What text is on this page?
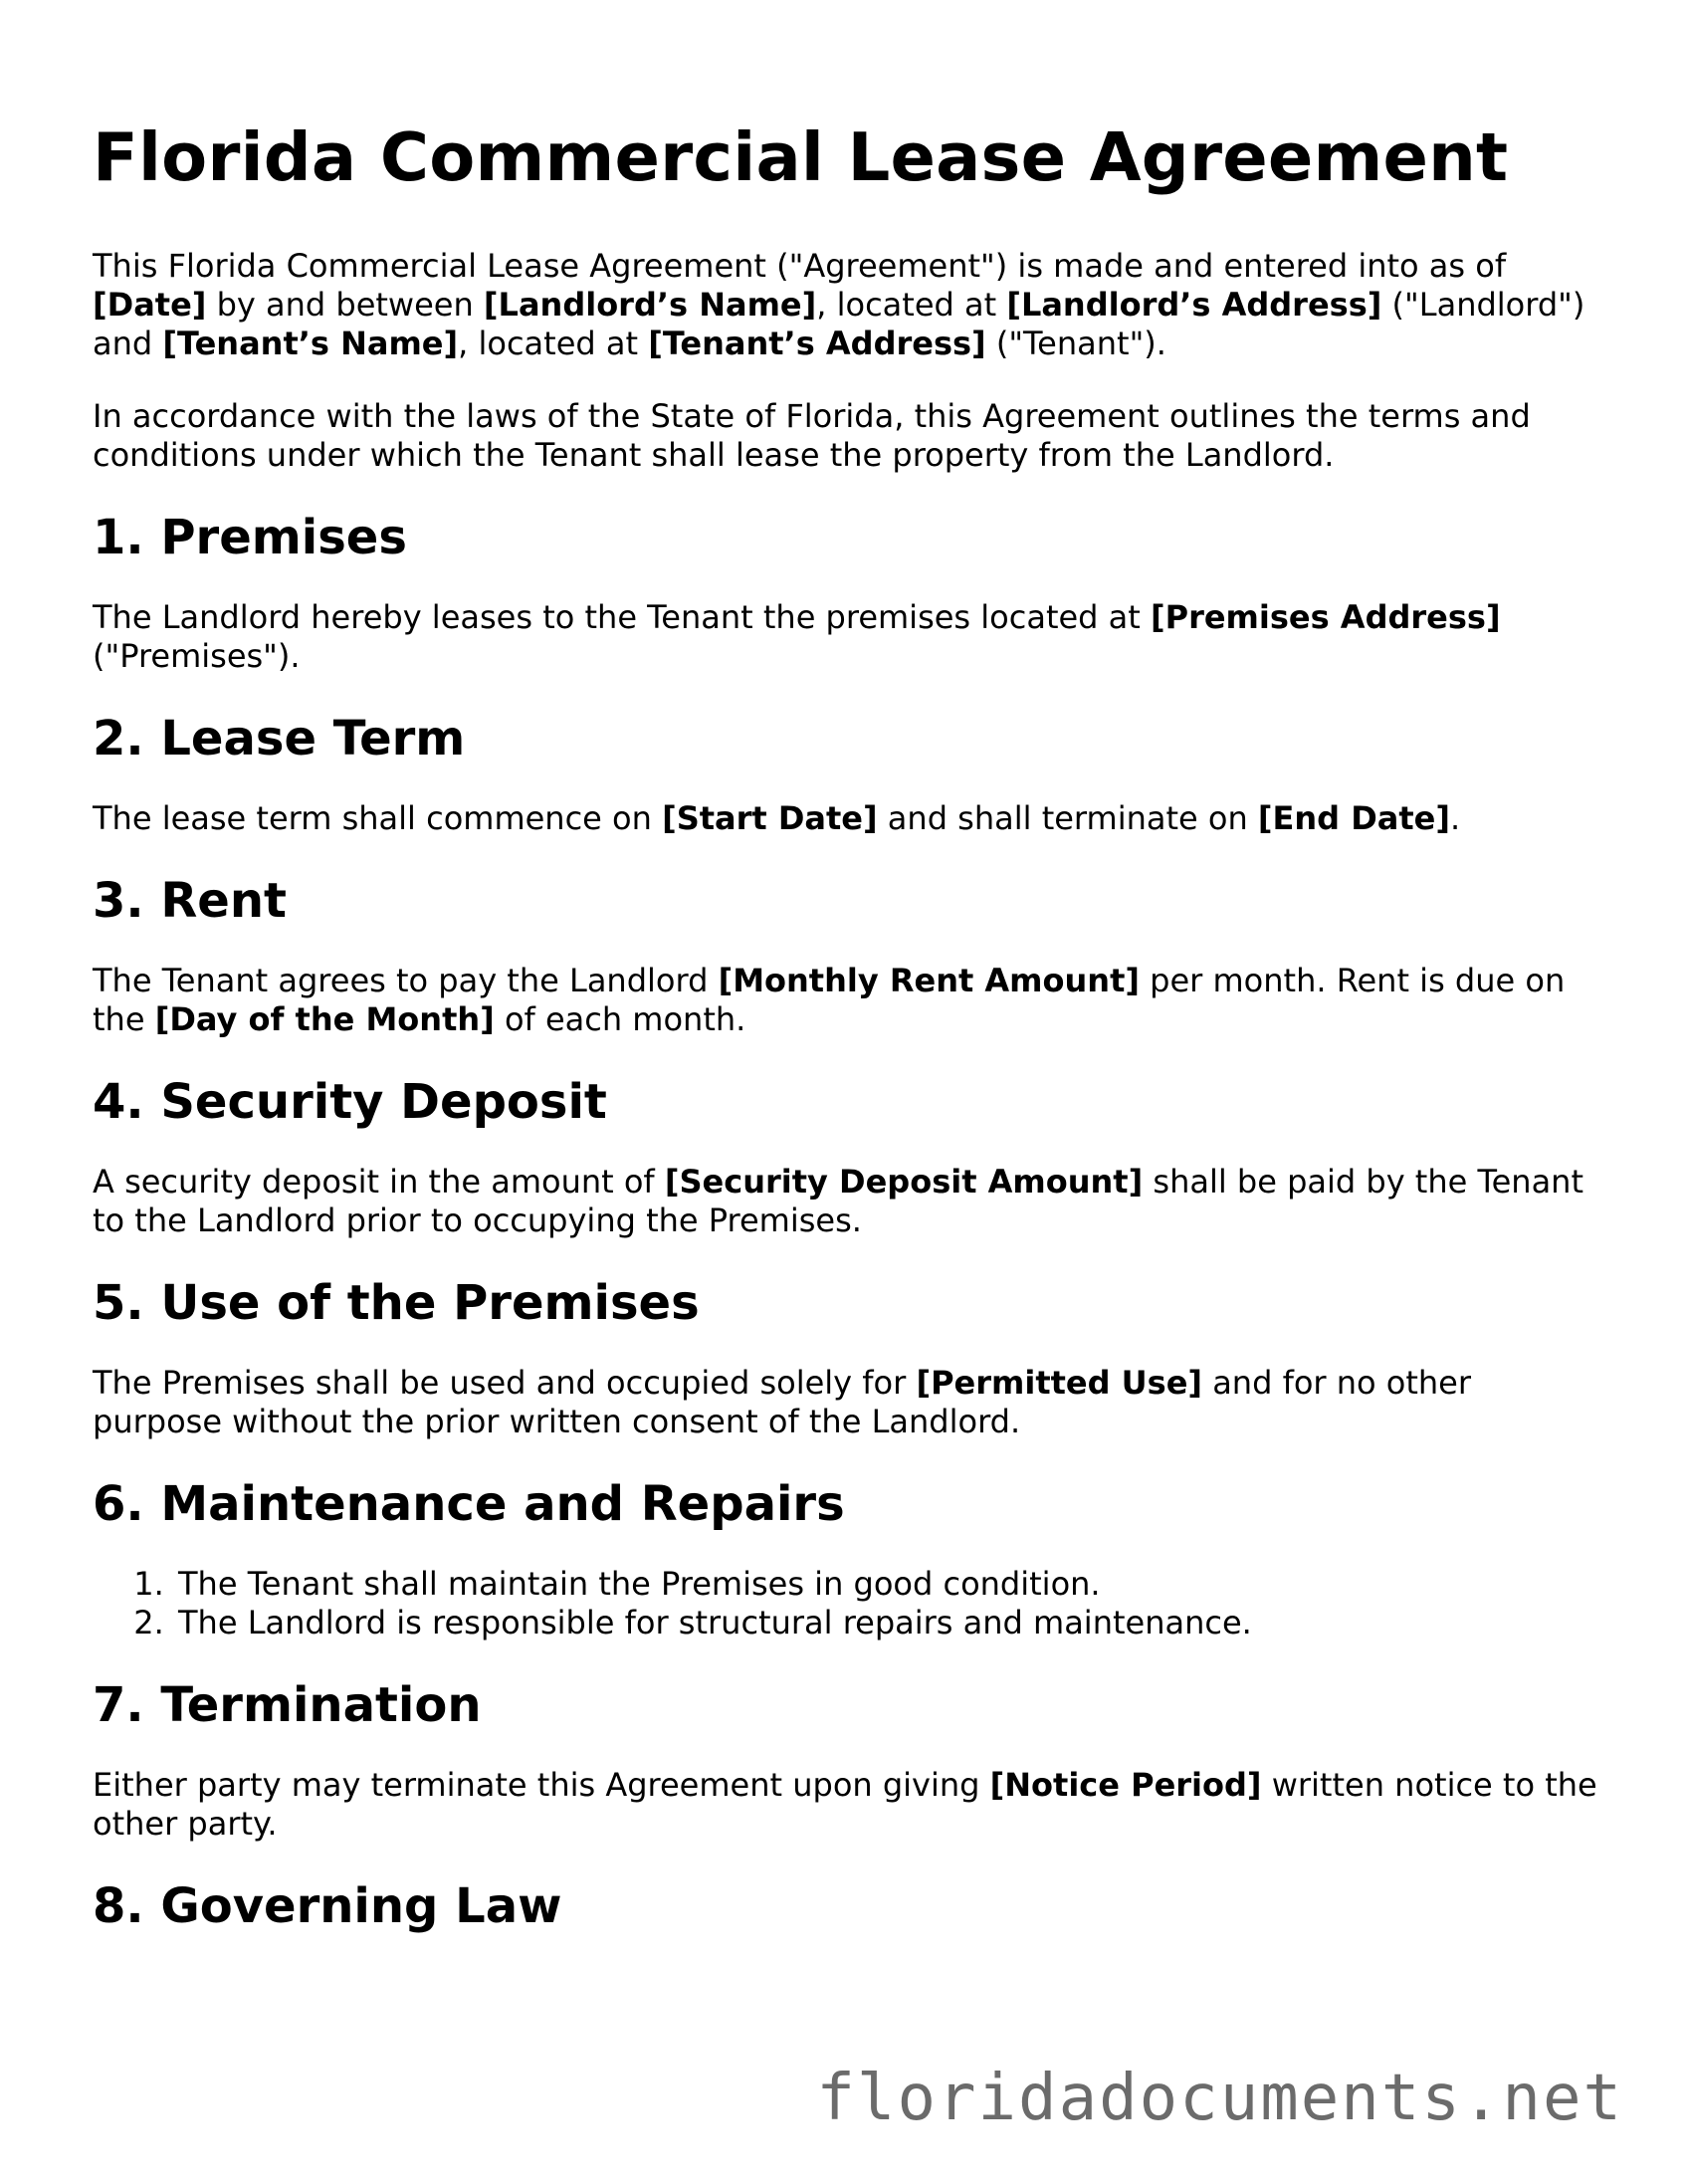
Florida Commercial Lease Agreement

This Florida Commercial Lease Agreement ("Agreement") is made and entered into as of [Date] by and between [Landlord’s Name], located at [Landlord’s Address] ("Landlord") and [Tenant’s Name], located at [Tenant’s Address] ("Tenant").

In accordance with the laws of the State of Florida, this Agreement outlines the terms and conditions under which the Tenant shall lease the property from the Landlord.

1. Premises

The Landlord hereby leases to the Tenant the premises located at [Premises Address] ("Premises").

2. Lease Term

The lease term shall commence on [Start Date] and shall terminate on [End Date].

3. Rent

The Tenant agrees to pay the Landlord [Monthly Rent Amount] per month. Rent is due on the [Day of the Month] of each month.

4. Security Deposit

A security deposit in the amount of [Security Deposit Amount] shall be paid by the Tenant to the Landlord prior to occupying the Premises.

5. Use of the Premises

The Premises shall be used and occupied solely for [Permitted Use] and for no other purpose without the prior written consent of the Landlord.

6. Maintenance and Repairs
1. The Tenant shall maintain the Premises in good condition.
2. The Landlord is responsible for structural repairs and maintenance.
7. Termination

Either party may terminate this Agreement upon giving [Notice Period] written notice to the other party.

8. Governing Law
floridadocuments.net
